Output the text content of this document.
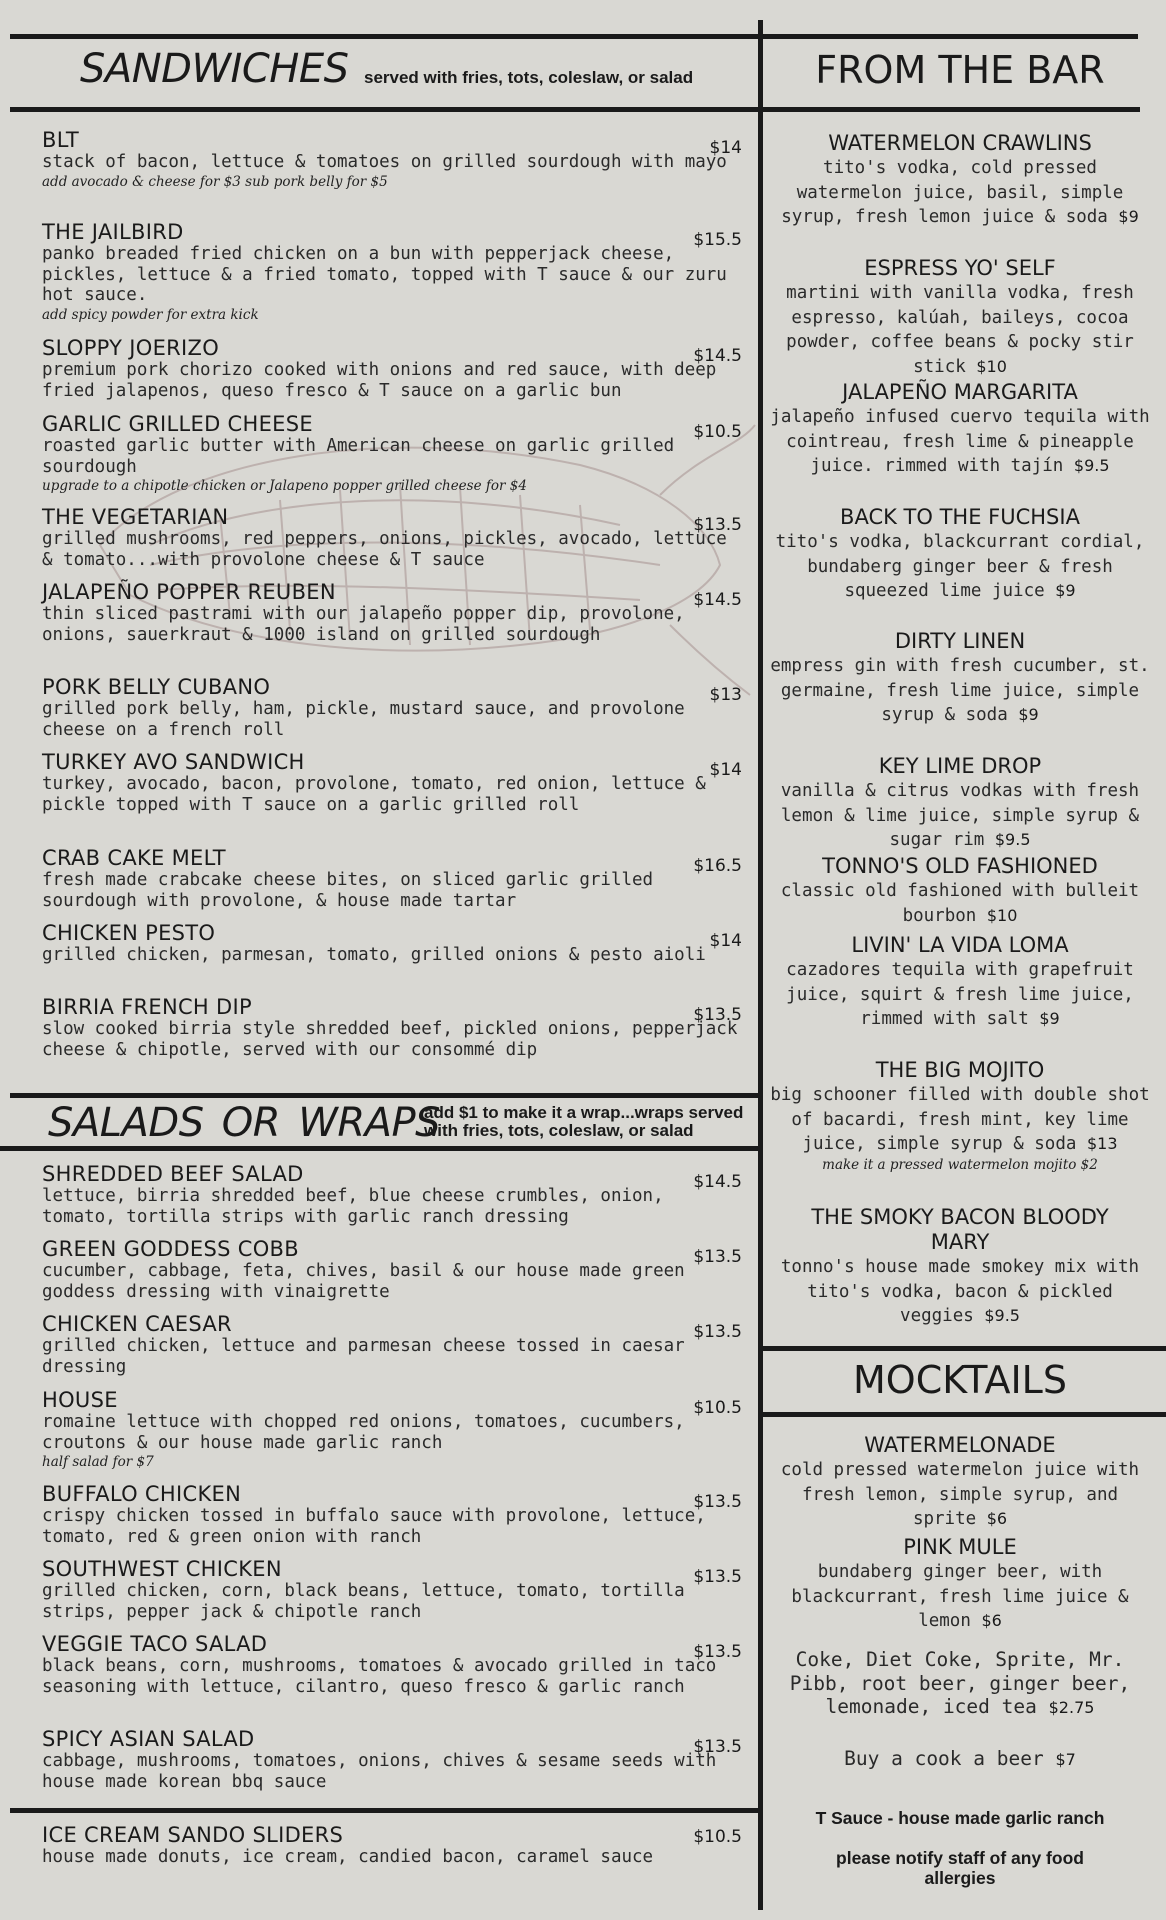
SANDWICHES served with fries, tots, coleslaw, or salad	FROM THE BAR
BLT	$14
stack of bacon, lettuce & tomatoes on grilled sourdough with mayo
add avocado & cheese for $3 sub pork belly for $5
THE JAILBIRD	$15.5
panko breaded fried chicken on a bun with pepperjack cheese, pickles, lettuce & a fried tomato, topped with T sauce & our zuru hot sauce.
add spicy powder for extra kick
SLOPPY JOERIZO	$14.5
premium pork chorizo cooked with onions and red sauce, with deep fried jalapenos, queso fresco & T sauce on a garlic bun
GARLIC GRILLED CHEESE	$10.5
roasted garlic butter with American cheese on garlic grilled sourdough
upgrade to a chipotle chicken or Jalapeno popper grilled cheese for $4
THE VEGETARIAN	$13.5
grilled mushrooms, red peppers, onions, pickles, avocado, lettuce & tomato...with provolone cheese & T sauce
JALAPEÑO POPPER REUBEN	$14.5
thin sliced pastrami with our jalapeño popper dip, provolone, onions, sauerkraut & 1000 island on grilled sourdough
PORK BELLY CUBANO	$13
grilled pork belly, ham, pickle, mustard sauce, and provolone cheese on a french roll
TURKEY AVO SANDWICH	$14
turkey, avocado, bacon, provolone, tomato, red onion, lettuce & pickle topped with T sauce on a garlic grilled roll
CRAB CAKE MELT	$16.5
fresh made crabcake cheese bites, on sliced garlic grilled sourdough with provolone, & house made tartar
CHICKEN PESTO	$14
grilled chicken, parmesan, tomato, grilled onions & pesto aioli
BIRRIA FRENCH DIP	$13.5
slow cooked birria style shredded beef, pickled onions, pepperjack cheese & chipotle, served with our consommé dip
SALADS OR WRAPS
add $1 to make it a wrap...wraps served with fries, tots, coleslaw, or salad
SHREDDED BEEF SALAD	$14.5
lettuce, birria shredded beef, blue cheese crumbles, onion, tomato, tortilla strips with garlic ranch dressing
GREEN GODDESS COBB	$13.5
cucumber, cabbage, feta, chives, basil & our house made green goddess dressing with vinaigrette
CHICKEN CAESAR	$13.5
grilled chicken, lettuce and parmesan cheese tossed in caesar dressing
HOUSE	$10.5
romaine lettuce with chopped red onions, tomatoes, cucumbers, croutons & our house made garlic ranch
half salad for $7
BUFFALO CHICKEN	$13.5
crispy chicken tossed in buffalo sauce with provolone, lettuce, tomato, red & green onion with ranch
SOUTHWEST CHICKEN	$13.5
grilled chicken, corn, black beans, lettuce, tomato, tortilla strips, pepper jack & chipotle ranch
VEGGIE TACO SALAD	$13.5
black beans, corn, mushrooms, tomatoes & avocado grilled in taco seasoning with lettuce, cilantro, queso fresco & garlic ranch
SPICY ASIAN SALAD	$13.5
cabbage, mushrooms, tomatoes, onions, chives & sesame seeds with house made korean bbq sauce
ICE CREAM SANDO SLIDERS	$10.5
house made donuts, ice cream, candied bacon, caramel sauce
WATERMELON CRAWLINS
tito's vodka, cold pressed watermelon juice, basil, simple syrup, fresh lemon juice & soda $9
ESPRESS YO' SELF
martini with vanilla vodka, fresh espresso, kalúah, baileys, cocoa powder, coffee beans & pocky stir stick $10
JALAPEÑO MARGARITA
jalapeño infused cuervo tequila with cointreau, fresh lime & pineapple juice. rimmed with tajín $9.5
BACK TO THE FUCHSIA
tito's vodka, blackcurrant cordial, bundaberg ginger beer & fresh squeezed lime juice $9
DIRTY LINEN
empress gin with fresh cucumber, st. germaine, fresh lime juice, simple syrup & soda $9
KEY LIME DROP
vanilla & citrus vodkas with fresh lemon & lime juice, simple syrup & sugar rim $9.5
TONNO'S OLD FASHIONED
classic old fashioned with bulleit bourbon $10
LIVIN' LA VIDA LOMA
cazadores tequila with grapefruit juice, squirt & fresh lime juice, rimmed with salt $9
THE BIG MOJITO
big schooner filled with double shot of bacardi, fresh mint, key lime juice, simple syrup & soda $13
make it a pressed watermelon mojito $2
THE SMOKY BACON BLOODY MARY
tonno's house made smokey mix with tito's vodka, bacon & pickled veggies $9.5
MOCKTAILS
WATERMELONADE
cold pressed watermelon juice with fresh lemon, simple syrup, and sprite $6
PINK MULE
bundaberg ginger beer, with blackcurrant, fresh lime juice & lemon $6
Coke, Diet Coke, Sprite, Mr. Pibb, root beer, ginger beer, lemonade, iced tea $2.75
Buy a cook a beer $7
T Sauce - house made garlic ranch
please notify staff of any food allergies
